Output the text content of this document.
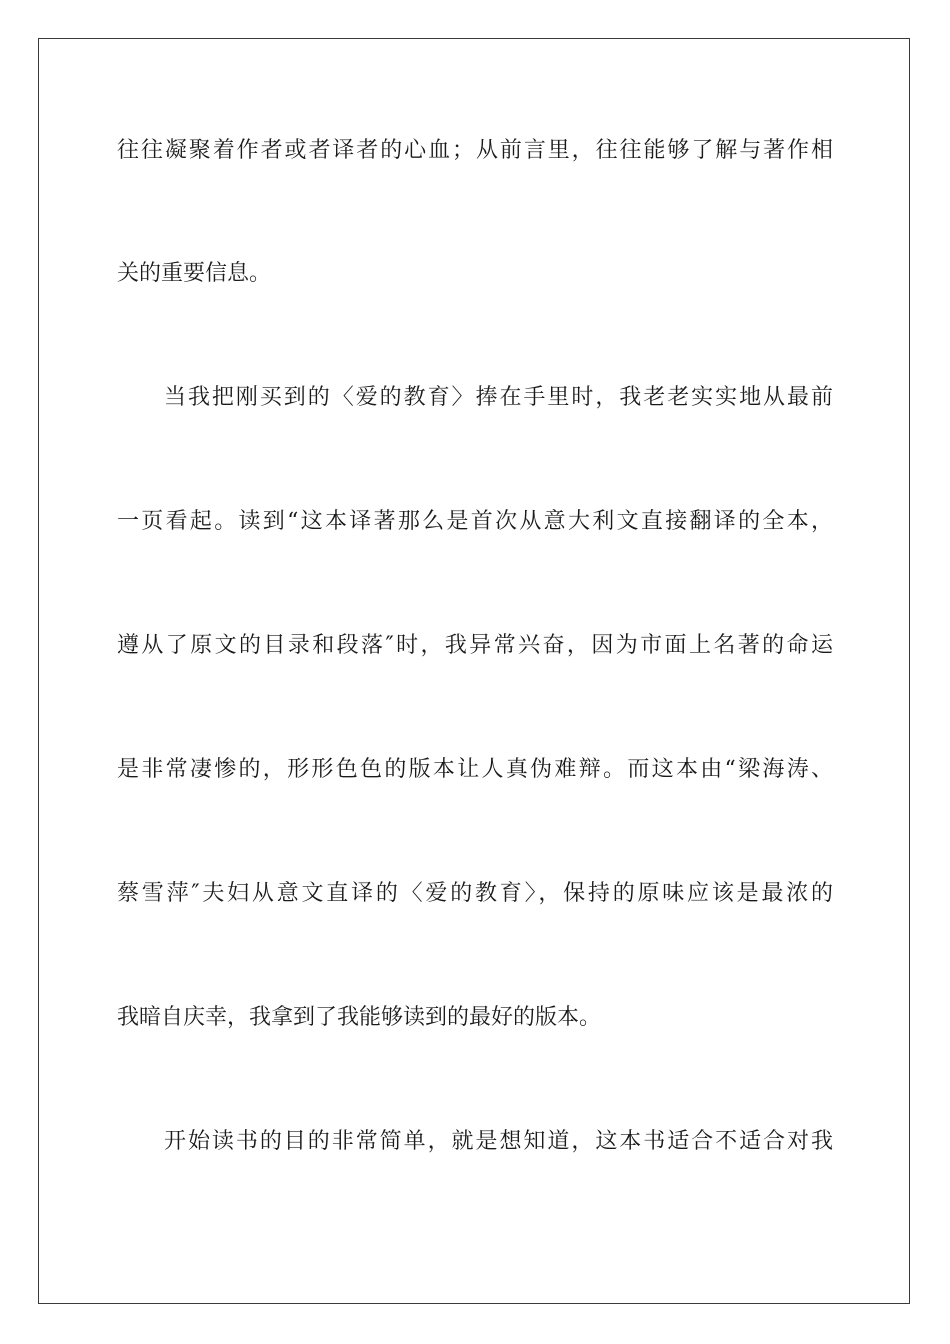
往往凝聚着作者或者译者的心血；从前言里，往往能够了解与著作相
关的重要信息。
当我把刚买到的〈爱的教育〉捧在手里时，我老老实实地从最前
一页看起。读到“这本译著那么是首次从意大利文直接翻译的全本，
遵从了原文的目录和段落″时，我异常兴奋，因为市面上名著的命运
是非常凄惨的，形形色色的版本让人真伪难辩。而这本由“梁海涛、
蔡雪萍″夫妇从意文直译的〈爱的教育〉，保持的原味应该是最浓的
我暗自庆幸，我拿到了我能够读到的最好的版本。
开始读书的目的非常简单，就是想知道，这本书适合不适合对我
